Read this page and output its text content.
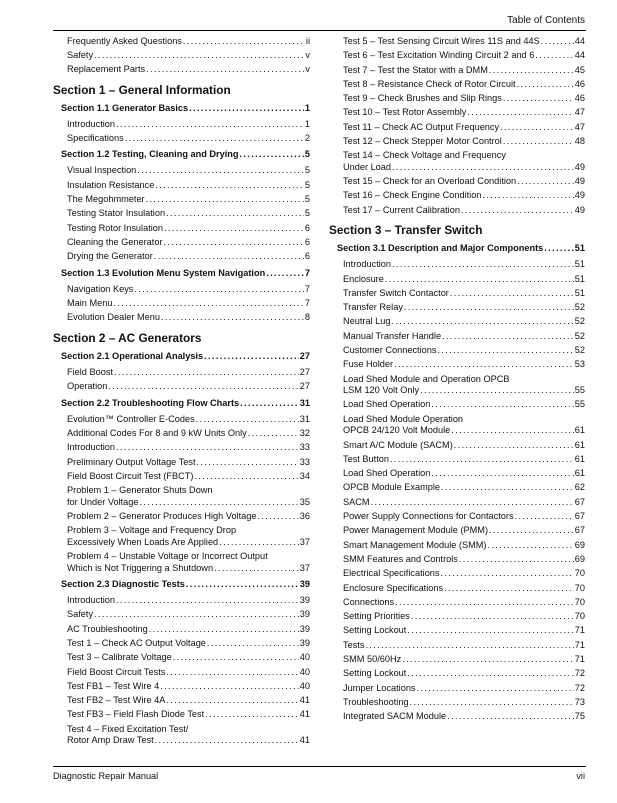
Table of Contents
Frequently Asked Questions . . .	ii
Safety . . .	v
Replacement Parts . . .	v
Section 1 – General Information
Section 1.1 Generator Basics . . .	1
Introduction . . .	1
Specifications . . .	2
Section 1.2 Testing, Cleaning and Drying . . .	5
Visual Inspection . . .	5
Insulation Resistance . . .	5
The Megohmmeter . . .	5
Testing Stator Insulation . . .	5
Testing Rotor Insulation . . .	6
Cleaning the Generator . . .	6
Drying the Generator . . .	6
Section 1.3 Evolution Menu System Navigation . . .	7
Navigation Keys . . .	7
Main Menu . . .	7
Evolution Dealer Menu . . .	8
Section 2 – AC Generators
Section 2.1 Operational Analysis . . .	27
Field Boost . . .	27
Operation . . .	27
Section 2.2 Troubleshooting Flow Charts . . .	31
Evolution™ Controller E-Codes . . .	31
Additional Codes For 8 and 9 kW Units Only . . .	32
Introduction . . .	33
Preliminary Output Voltage Test . . .	33
Field Boost Circuit Test (FBCT) . . .	34
Problem 1 – Generator Shuts Down
for Under Voltage . . .	35
Problem 2 – Generator Produces High Voltage . . .	36
Problem 3 – Voltage and Frequency Drop
Excessively When Loads Are Applied . . .	37
Problem 4 – Unstable Voltage or Incorrect Output
Which is Not Triggering a Shutdown . . .	37
Section 2.3 Diagnostic Tests . . .	39
Introduction . . .	39
Safety . . .	39
AC Troubleshooting . . .	39
Test 1 – Check AC Output Voltage . . .	39
Test 3 – Calibrate Voltage . . .	40
Field Boost Circuit Tests . . .	40
Test FB1 – Test Wire 4 . . .	40
Test FB2 – Test Wire 4A . . .	41
Test FB3 – Field Flash Diode Test . . .	41
Test 4 – Fixed Excitation Test/
Rotor Amp Draw Test . . .	41
Test 5 – Test Sensing Circuit Wires 11S and 44S . . .	44
Test 6 – Test Excitation Winding Circuit 2 and 6 . . .	44
Test 7 – Test the Stator with a DMM . . .	45
Test 8 – Resistance Check of Rotor Circuit . . .	46
Test 9 – Check Brushes and Slip Rings . . .	46
Test 10 – Test Rotor Assembly . . .	47
Test 11 – Check AC Output Frequency . . .	47
Test 12 – Check Stepper Motor Control . . .	48
Test 14 – Check Voltage and Frequency
Under Load . . .	49
Test 15 – Check for an Overload Condition . . .	49
Test 16 – Check Engine Condition . . .	49
Test 17 – Current Calibration . . .	49
Section 3 – Transfer Switch
Section 3.1 Description and Major Components . . .	51
Introduction . . .	51
Enclosure . . .	51
Transfer Switch Contactor . . .	51
Transfer Relay . . .	52
Neutral Lug . . .	52
Manual Transfer Handle . . .	52
Customer Connections . . .	52
Fuse Holder . . .	53
Load Shed Module and Operation OPCB
LSM 120 Volt Only . . .	55
Load Shed Operation . . .	55
Load Shed Module Operation
OPCB 24/120 Volt Module . . .	61
Smart A/C Module (SACM) . . .	61
Test Button . . .	61
Load Shed Operation . . .	61
OPCB Module Example . . .	62
SACM . . .	67
Power Supply Connections for Contactors . . .	67
Power Management Module (PMM) . . .	67
Smart Management Module (SMM) . . .	69
SMM Features and Controls . . .	69
Electrical Specifications . . .	70
Enclosure Specifications . . .	70
Connections . . .	70
Setting Priorities . . .	70
Setting Lockout . . .	71
Tests . . .	71
SMM 50/60Hz . . .	71
Setting Lockout . . .	72
Jumper Locations . . .	72
Troubleshooting . . .	73
Integrated SACM Module . . .	75
Diagnostic Repair Manual	vii
